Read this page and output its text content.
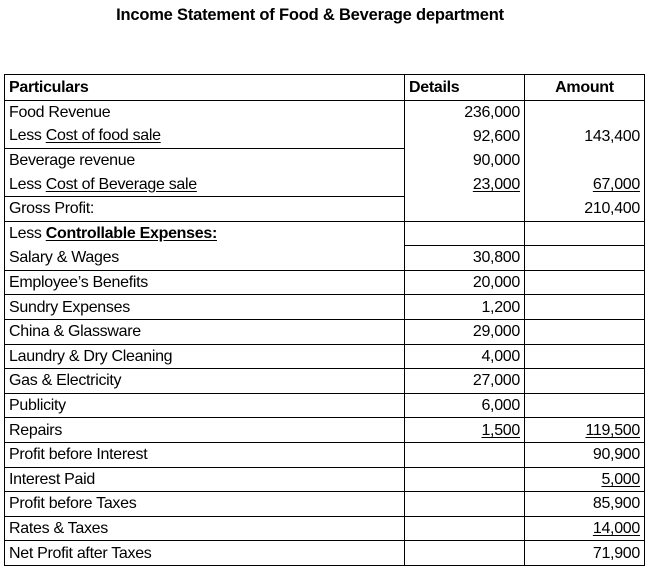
Income Statement of Food & Beverage department
Particulars	Details	Amount
Food Revenue	236,000	
Less Cost of food sale	92,600	143,400
Beverage revenue	90,000	
Less Cost of Beverage sale	23,000	67,000
Gross Profit:		210,400
Less Controllable Expenses:		
Salary & Wages	30,800	
Employee’s Benefits	20,000	
Sundry Expenses	1,200	
China & Glassware	29,000	
Laundry & Dry Cleaning	4,000	
Gas & Electricity	27,000	
Publicity	6,000	
Repairs	1,500	119,500
Profit before Interest		90,900
Interest Paid		5,000
Profit before Taxes		85,900
Rates & Taxes		14,000
Net Profit after Taxes		71,900
